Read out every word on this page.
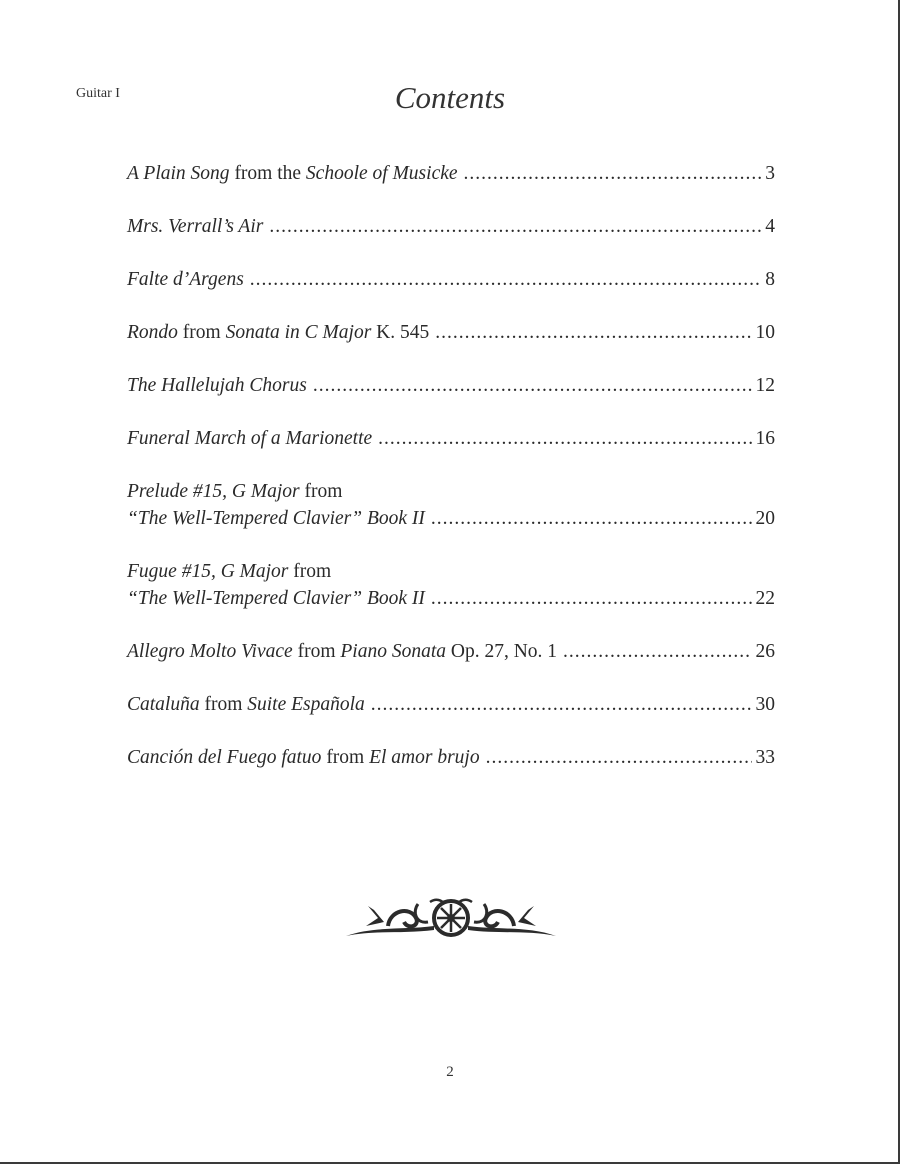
Guitar I	Contents
A Plain Song from the Schoole of Musicke .....	3
Mrs. Verrall’s Air .....	4
Falte d’Argens .....	8
Rondo from Sonata in C Major K. 545 .....	10
The Hallelujah Chorus .....	12
Funeral March of a Marionette .....	16
Prelude #15, G Major from
“The Well-Tempered Clavier” Book II .....	20
Fugue #15, G Major from
“The Well-Tempered Clavier” Book II .....	22
Allegro Molto Vivace from Piano Sonata Op. 27, No. 1 .....	26
Cataluña from Suite Española .....	30
Canción del Fuego fatuo from El amor brujo .....	33
2
